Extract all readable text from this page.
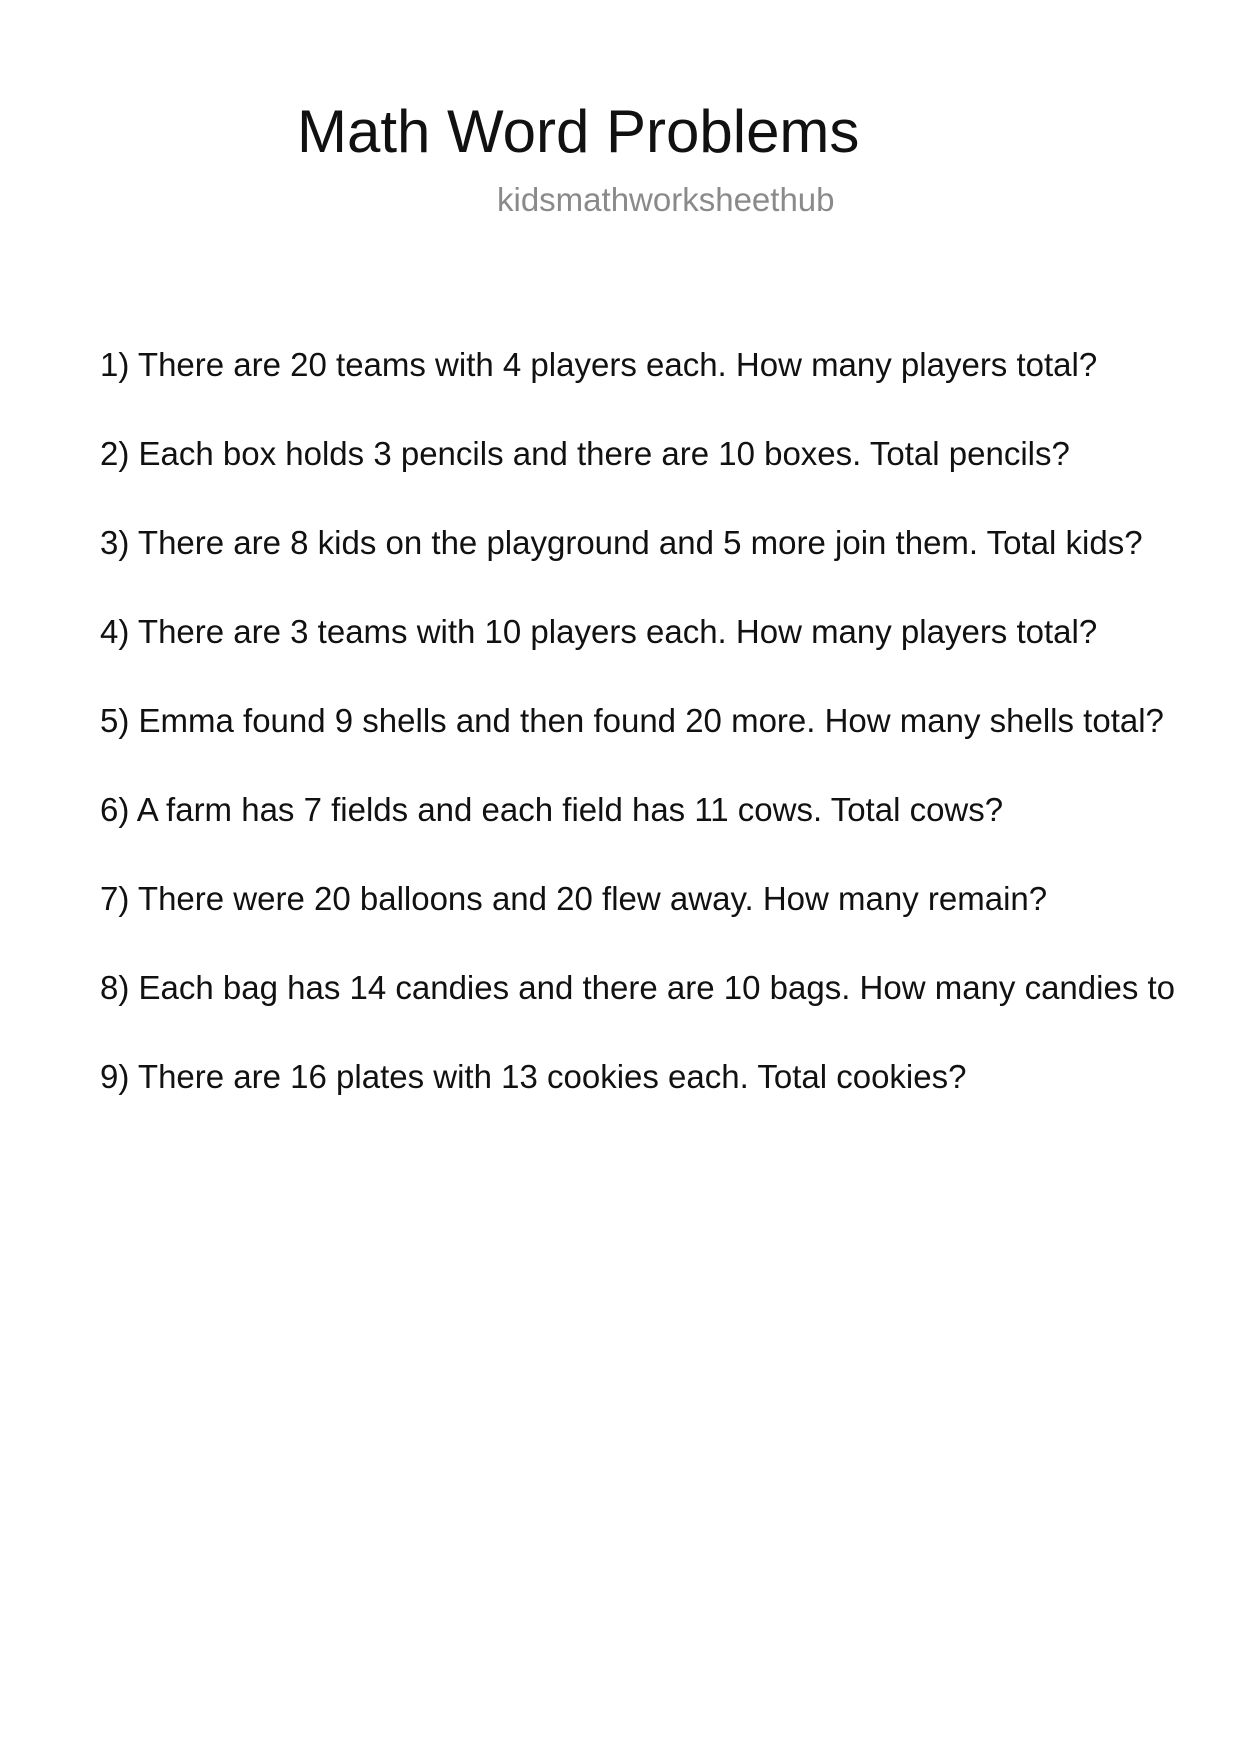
Math Word Problems
kidsmathworksheethub
1) There are 20 teams with 4 players each. How many players total?
2) Each box holds 3 pencils and there are 10 boxes. Total pencils?
3) There are 8 kids on the playground and 5 more join them. Total kids?
4) There are 3 teams with 10 players each. How many players total?
5) Emma found 9 shells and then found 20 more. How many shells total?
6) A farm has 7 fields and each field has 11 cows. Total cows?
7) There were 20 balloons and 20 flew away. How many remain?
8) Each bag has 14 candies and there are 10 bags. How many candies to
9) There are 16 plates with 13 cookies each. Total cookies?
